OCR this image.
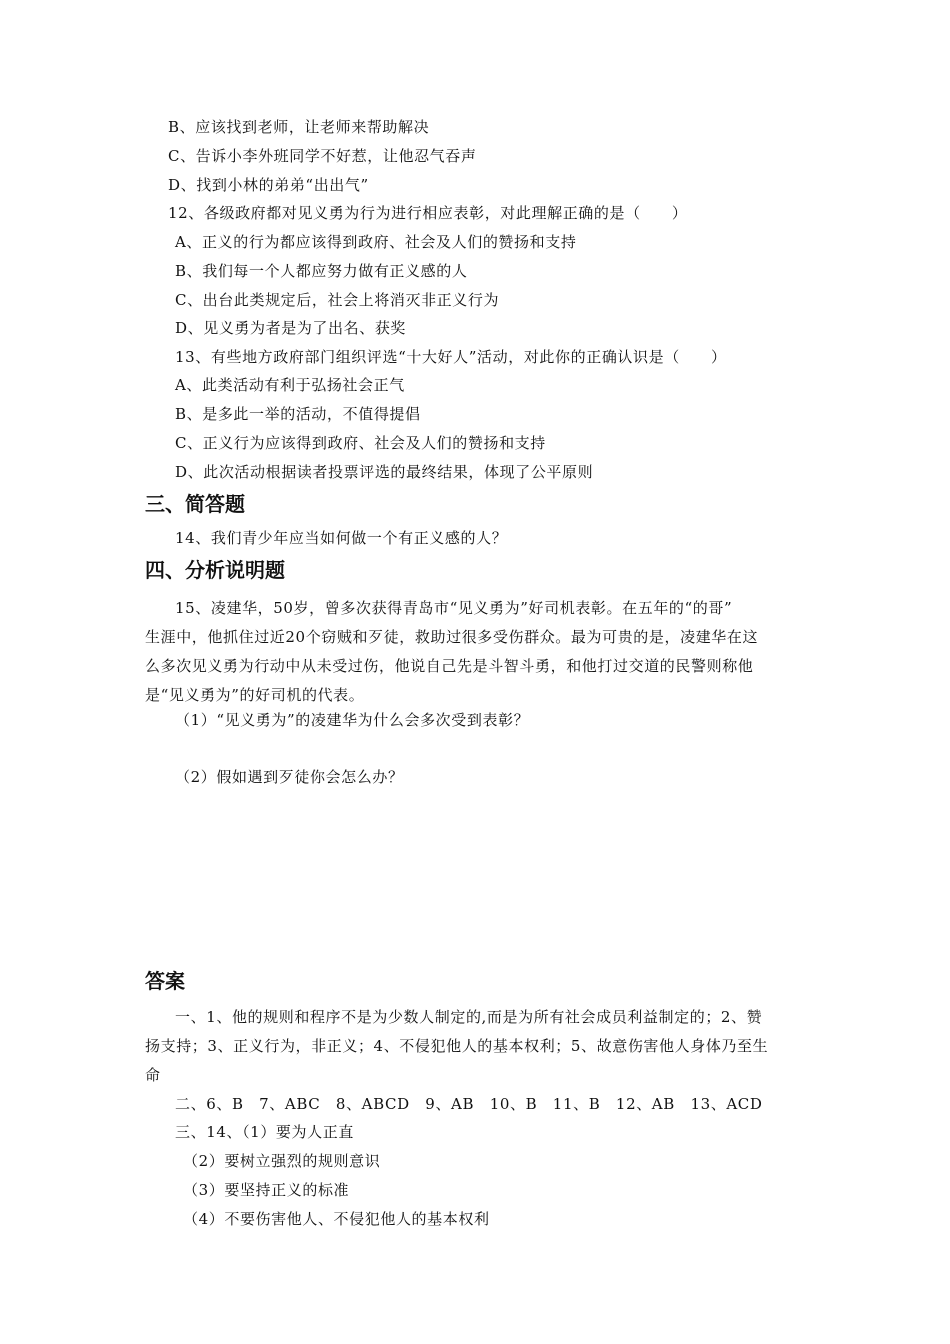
B、应该找到老师，让老师来帮助解决
C、告诉小李外班同学不好惹，让他忍气吞声
D、找到小林的弟弟“出出气”
12、各级政府都对见义勇为行为进行相应表彰，对此理解正确的是（　　）
A、正义的行为都应该得到政府、社会及人们的赞扬和支持
B、我们每一个人都应努力做有正义感的人
C、出台此类规定后，社会上将消灭非正义行为
D、见义勇为者是为了出名、获奖
13、有些地方政府部门组织评选“十大好人”活动，对此你的正确认识是（　　）
A、此类活动有利于弘扬社会正气
B、是多此一举的活动，不值得提倡
C、正义行为应该得到政府、社会及人们的赞扬和支持
D、此次活动根据读者投票评选的最终结果，体现了公平原则
三、简答题
14、我们青少年应当如何做一个有正义感的人？
四、分析说明题
15、凌建华，50岁，曾多次获得青岛市“见义勇为”好司机表彰。在五年的“的哥”
生涯中，他抓住过近20个窃贼和歹徒，救助过很多受伤群众。最为可贵的是，凌建华在这
么多次见义勇为行动中从未受过伤，他说自己先是斗智斗勇，和他打过交道的民警则称他
是“见义勇为”的好司机的代表。
（1）“见义勇为”的凌建华为什么会多次受到表彰？
（2）假如遇到歹徒你会怎么办？
答案
一、1、他的规则和程序不是为少数人制定的,而是为所有社会成员利益制定的；2、赞
扬支持；3、正义行为，非正义；4、不侵犯他人的基本权利；5、故意伤害他人身体乃至生
命
二、6、B　7、ABC　8、ABCD　9、AB　10、B　11、B　12、AB　13、ACD
三、14、（1）要为人正直
（2）要树立强烈的规则意识
（3）要坚持正义的标准
（4）不要伤害他人、不侵犯他人的基本权利
